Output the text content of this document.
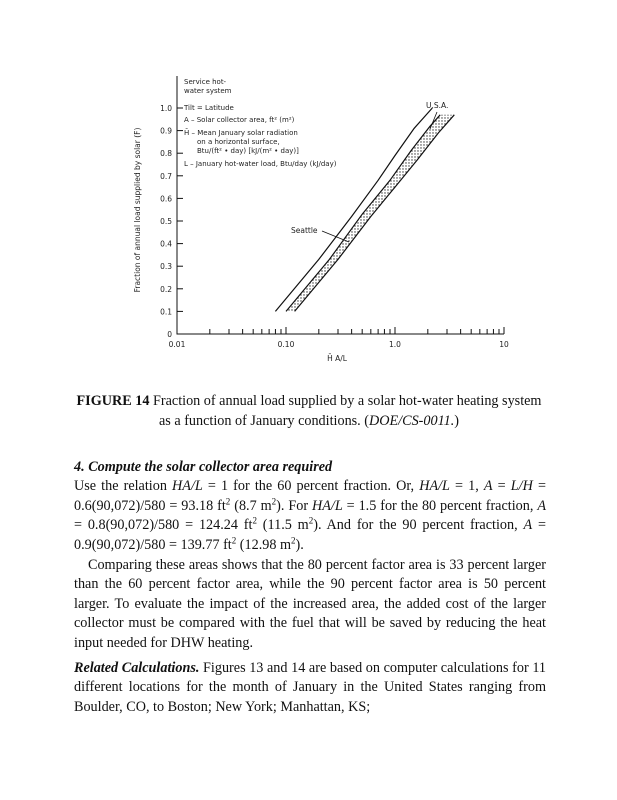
0
0.1
0.2
0.3
0.4
0.5
0.6
0.7
0.8
0.9
1.0
0.01	0.10	1.0	10
Fraction of annual load supplied by solar (F)
H̄ A/L
Service hot-
water system
Tilt = Latitude
A – Solar collector area, ft² (m²)
H̄ – Mean January solar radiation
on a horizontal surface,
Btu/(ft² • day) [kJ/(m² • day)]
L – January hot-water load, Btu/day (kJ/day)
Seattle
U.S.A.
FIGURE 14 Fraction of annual load supplied by a solar hot-water heating system as a function of January conditions. (DOE/CS-0011.)
4. Compute the solar collector area required
Use the relation HA/L = 1 for the 60 percent fraction. Or, HA/L = 1, A = L/H = 0.6(90,072)/580 = 93.18 $ft^2$ (8.7 $m^2$). For HA/L = 1.5 for the 80 percent fraction, A = 0.8(90,072)/580 = 124.24 $ft^2$ (11.5 $m^2$). And for the 90 percent fraction, A = 0.9(90,072)/580 = 139.77 $ft^2$ (12.98 $m^2$).
Comparing these areas shows that the 80 percent factor area is 33 percent larger than the 60 percent factor area, while the 90 percent factor area is 50 percent larger. To evaluate the impact of the increased area, the added cost of the larger collector must be compared with the fuel that will be saved by reducing the heat input needed for DHW heating.
Related Calculations. Figures 13 and 14 are based on computer calculations for 11 different locations for the month of January in the United States ranging from Boulder, CO, to Boston; New York; Manhattan, KS;
